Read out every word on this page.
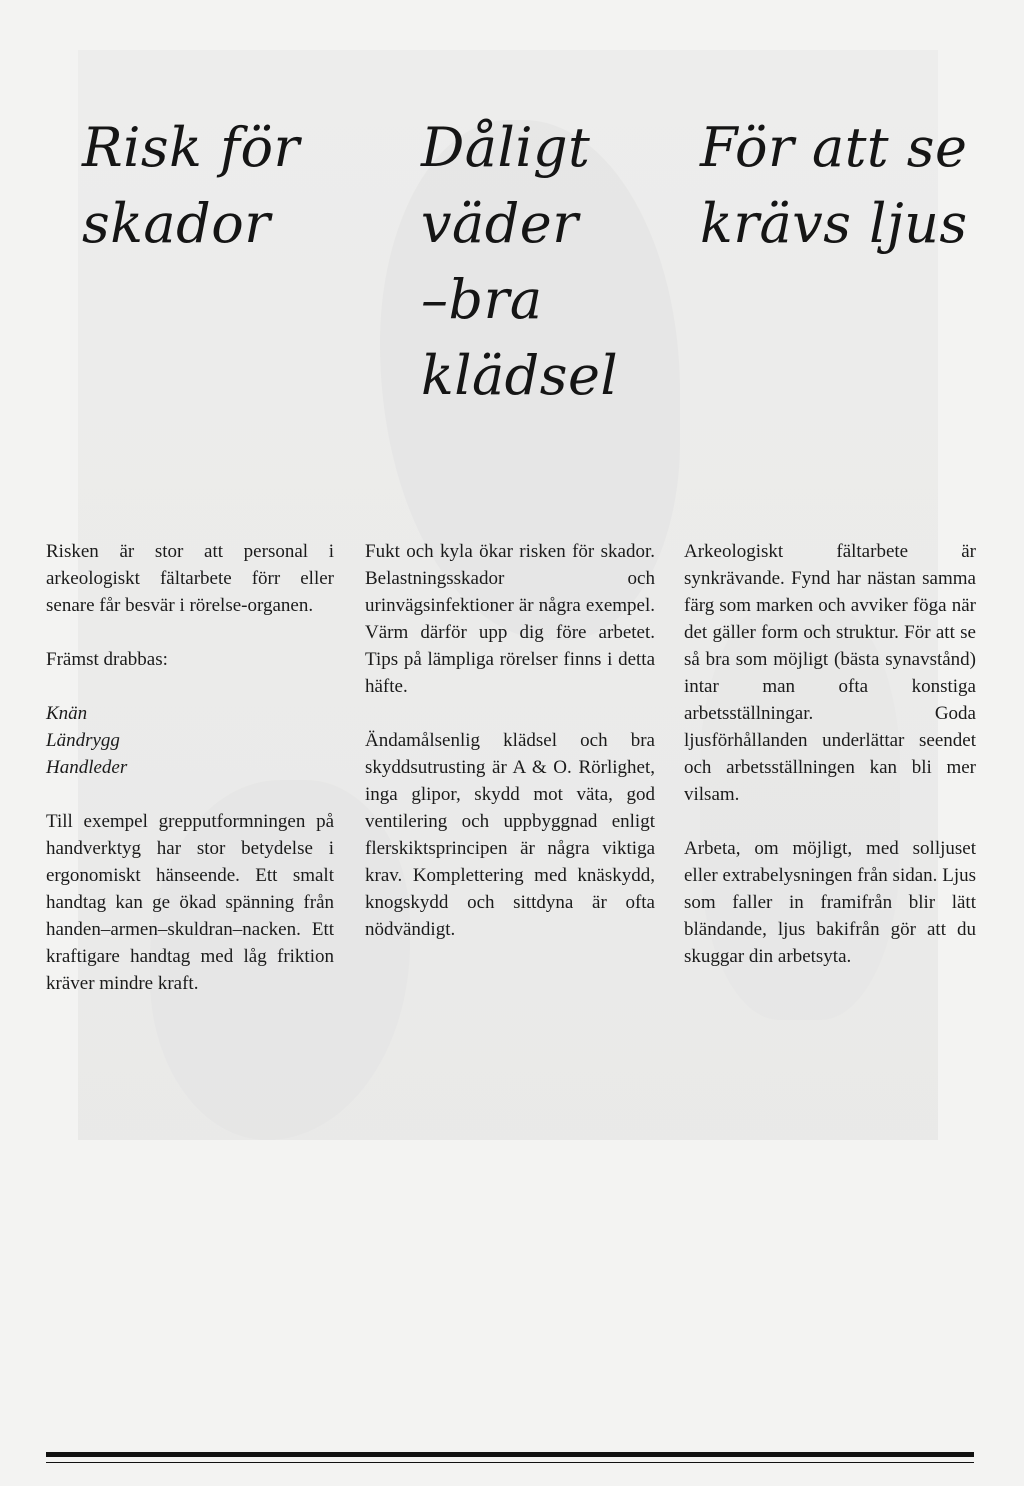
Risk för
skador

Risken är stor att personal i arkeologiskt fältarbete förr eller senare får besvär i rörelse-organen.

Främst drabbas:

Knän
Ländrygg
Handleder

Till exempel grepputformningen på handverktyg har stor betydelse i ergonomiskt hänseende. Ett smalt handtag kan ge ökad spänning från handen–armen–skuldran–nacken. Ett kraftigare handtag med låg friktion kräver mindre kraft.

Dåligt
väder
–bra
klädsel

Fukt och kyla ökar risken för skador. Belastningsskador och urinvägsinfektioner är några exempel. Värm därför upp dig före arbetet. Tips på lämpliga rörelser finns i detta häfte.

Ändamålsenlig klädsel och bra skyddsutrusting är A & O. Rörlighet, inga glipor, skydd mot väta, god ventilering och uppbyggnad enligt flerskiktsprincipen är några viktiga krav. Komplettering med knäskydd, knogskydd och sittdyna är ofta nödvändigt.

För att se
krävs ljus

Arkeologiskt fältarbete är synkrävande. Fynd har nästan samma färg som marken och avviker föga när det gäller form och struktur. För att se så bra som möjligt (bästa synavstånd) intar man ofta konstiga arbetsställningar. Goda ljusförhållanden underlättar seendet och arbetsställningen kan bli mer vilsam.

Arbeta, om möjligt, med solljuset eller extrabelysningen från sidan. Ljus som faller in framifrån blir lätt bländande, ljus bakifrån gör att du skuggar din arbetsyta.
